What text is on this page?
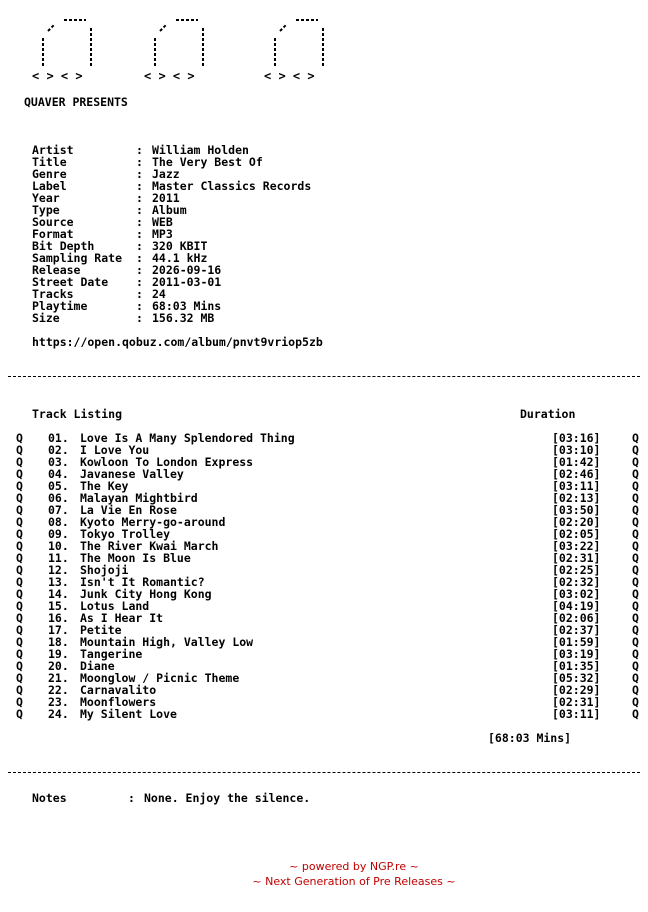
< > < >	< > < >	< > < >
QUAVER PRESENTS
Artist	: William Holden
Title	: The Very Best Of
Genre	: Jazz
Label	: Master Classics Records
Year	: 2011
Type	: Album
Source	: WEB
Format	: MP3
Bit Depth	: 320 KBIT
Sampling Rate : 44.1 kHz
Release	: 2026-09-16
Street Date : 2011-03-01
Tracks	: 24
Playtime	: 68:03 Mins
Size	: 156.32 MB
https://open.qobuz.com/album/pnvt9vriop5zb
Track Listing	Duration
Q 01. Love Is A Many Splendored Thing	[03:16]	Q
Q 02. I Love You	[03:10]	Q
Q 03. Kowloon To London Express	[01:42]	Q
Q 04. Javanese Valley	[02:46]	Q
Q 05. The Key	[03:11]	Q
Q 06. Malayan Mightbird	[02:13]	Q
Q 07. La Vie En Rose	[03:50]	Q
Q 08. Kyoto Merry-go-around	[02:20]	Q
Q 09. Tokyo Trolley	[02:05]	Q
Q 10. The River Kwai March	[03:22]	Q
Q 11. The Moon Is Blue	[02:31]	Q
Q 12. Shojoji	[02:25]	Q
Q 13. Isn't It Romantic?	[02:32]	Q
Q 14. Junk City Hong Kong	[03:02]	Q
Q 15. Lotus Land	[04:19]	Q
Q 16. As I Hear It	[02:06]	Q
Q 17. Petite	[02:37]	Q
Q 18. Mountain High, Valley Low	[01:59]	Q
Q 19. Tangerine	[03:19]	Q
Q 20. Diane	[01:35]	Q
Q 21. Moonglow / Picnic Theme	[05:32]	Q
Q 22. Carnavalito	[02:29]	Q
Q 23. Moonflowers	[02:31]	Q
Q 24. My Silent Love	[03:11]	Q
[68:03 Mins]
Notes	: None. Enjoy the silence.
~ powered by NGP.re ~
~ Next Generation of Pre Releases ~
